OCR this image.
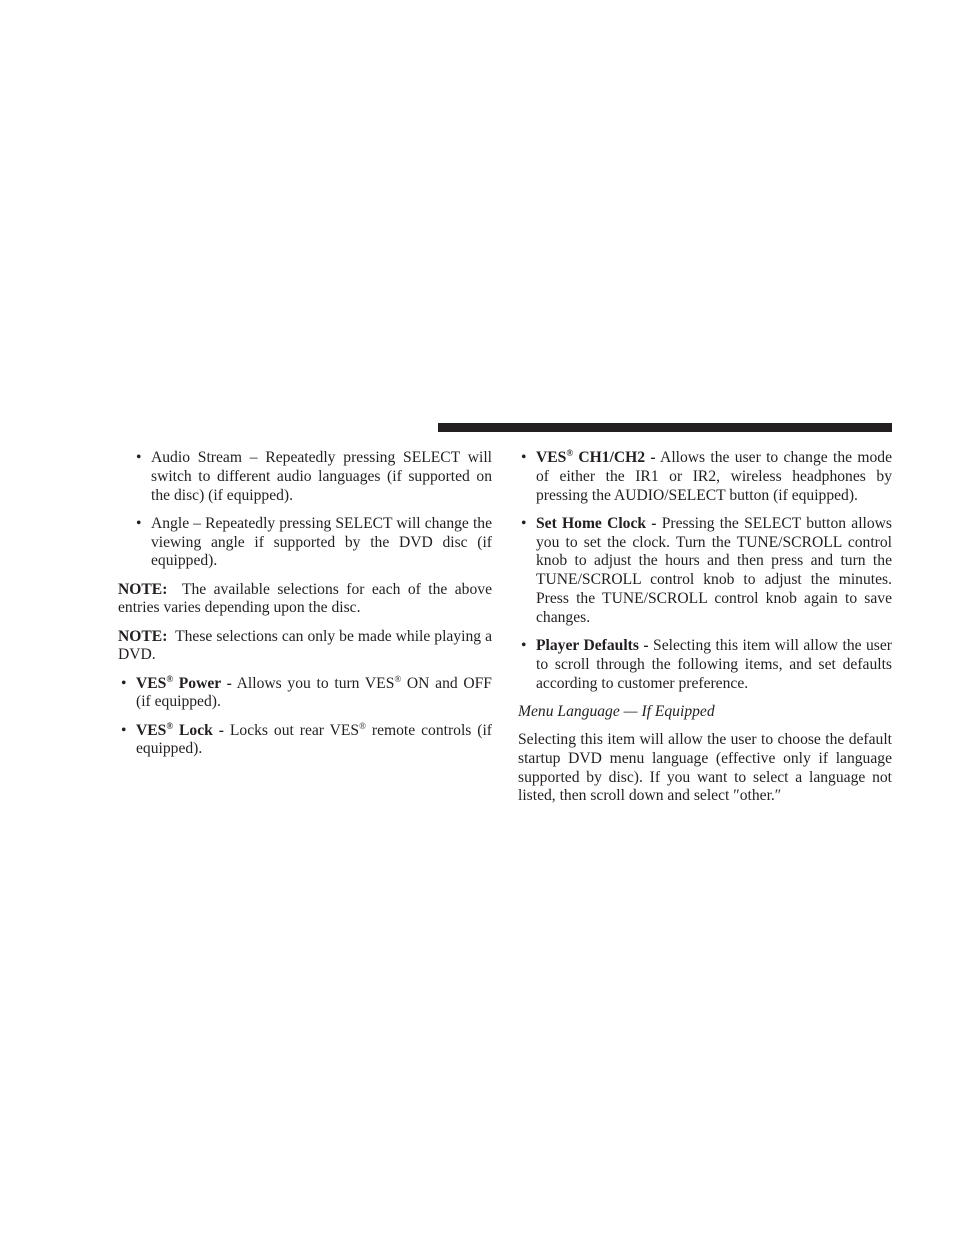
• Audio Stream – Repeatedly pressing SELECT will switch to different audio languages (if supported on the disc) (if equipped).
• Angle – Repeatedly pressing SELECT will change the viewing angle if supported by the DVD disc (if equipped).

NOTE: The available selections for each of the above entries varies depending upon the disc.

NOTE: These selections can only be made while playing a DVD.

• VES® Power - Allows you to turn VES® ON and OFF (if equipped).
• VES® Lock - Locks out rear VES® remote controls (if equipped).
• VES® CH1/CH2 - Allows the user to change the mode of either the IR1 or IR2, wireless headphones by pressing the AUDIO/SELECT button (if equipped).
• Set Home Clock - Pressing the SELECT button allows you to set the clock. Turn the TUNE/SCROLL control knob to adjust the hours and then press and turn the TUNE/SCROLL control knob to adjust the minutes. Press the TUNE/SCROLL control knob again to save changes.
• Player Defaults - Selecting this item will allow the user to scroll through the following items, and set defaults according to customer preference.

Menu Language — If Equipped

Selecting this item will allow the user to choose the default startup DVD menu language (effective only if language supported by disc). If you want to select a language not listed, then scroll down and select ″other.″
